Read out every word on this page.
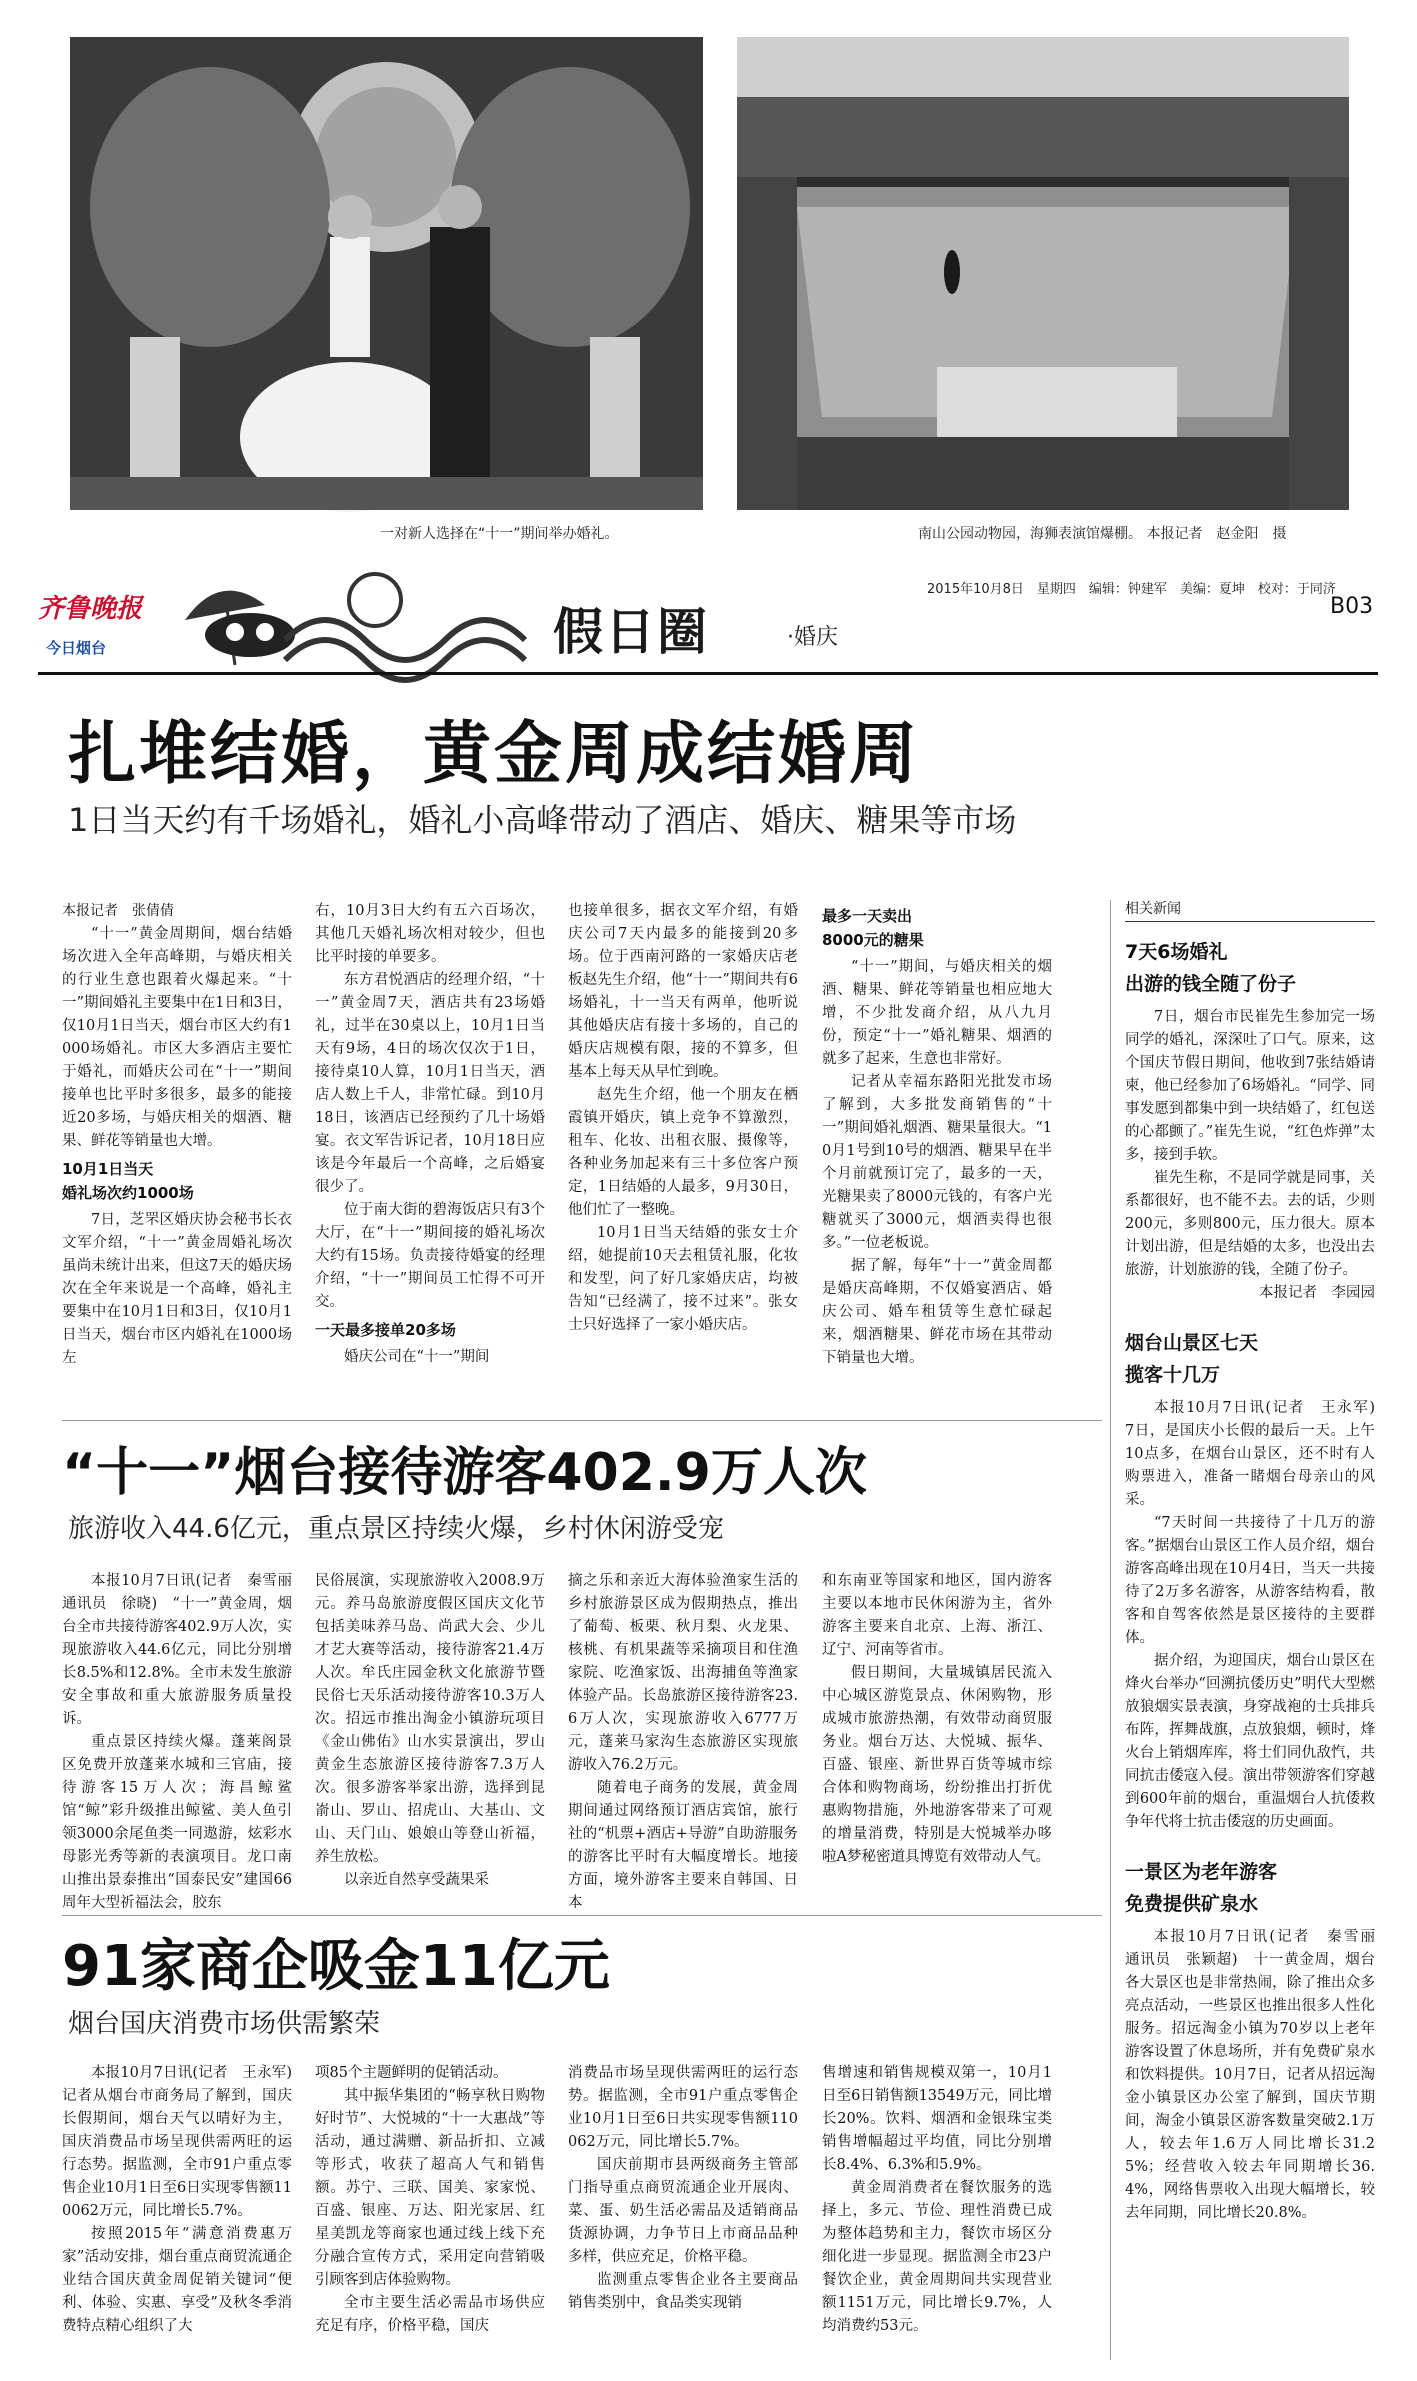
一对新人选择在“十一”期间举办婚礼。	南山公园动物园，海狮表演馆爆棚。 本报记者　赵金阳　摄
齐鲁晚报
今日烟台	假日圈	·婚庆
2015年10月8日　星期四　编辑：钟建军　美编：夏坤　校对：于同济
B03
扎堆结婚，黄金周成结婚周
1日当天约有千场婚礼，婚礼小高峰带动了酒店、婚庆、糖果等市场

本报记者　张倩倩

“十一”黄金周期间，烟台结婚场次进入全年高峰期，与婚庆相关的行业生意也跟着火爆起来。“十一”期间婚礼主要集中在1日和3日，仅10月1日当天，烟台市区大约有1000场婚礼。市区大多酒店主要忙于婚礼，而婚庆公司在“十一”期间接单也比平时多很多，最多的能接近20多场，与婚庆相关的烟酒、糖果、鲜花等销量也大增。

10月1日当天
婚礼场次约1000场

7日，芝罘区婚庆协会秘书长衣文军介绍，“十一”黄金周婚礼场次虽尚未统计出来，但这7天的婚庆场次在全年来说是一个高峰，婚礼主要集中在10月1日和3日，仅10月1日当天，烟台市区内婚礼在1000场左

右，10月3日大约有五六百场次，其他几天婚礼场次相对较少，但也比平时接的单要多。

东方君悦酒店的经理介绍，“十一”黄金周7天，酒店共有23场婚礼，过半在30桌以上，10月1日当天有9场，4日的场次仅次于1日，接待桌10人算，10月1日当天，酒店人数上千人，非常忙碌。到10月18日，该酒店已经预约了几十场婚宴。衣文军告诉记者，10月18日应该是今年最后一个高峰，之后婚宴很少了。

位于南大街的碧海饭店只有3个大厅，在“十一”期间接的婚礼场次大约有15场。负责接待婚宴的经理介绍，“十一”期间员工忙得不可开交。

一天最多接单20多场

婚庆公司在“十一”期间

也接单很多，据衣文军介绍，有婚庆公司7天内最多的能接到20多场。位于西南河路的一家婚庆店老板赵先生介绍，他“十一”期间共有6场婚礼，十一当天有两单，他听说其他婚庆店有接十多场的，自己的婚庆店规模有限，接的不算多，但基本上每天从早忙到晚。

赵先生介绍，他一个朋友在栖霞镇开婚庆，镇上竞争不算激烈，租车、化妆、出租衣服、摄像等，各种业务加起来有三十多位客户预定，1日结婚的人最多，9月30日，他们忙了一整晚。

10月1日当天结婚的张女士介绍，她提前10天去租赁礼服，化妆和发型，问了好几家婚庆店，均被告知“已经满了，接不过来”。张女士只好选择了一家小婚庆店。

最多一天卖出
8000元的糖果

“十一”期间，与婚庆相关的烟酒、糖果、鲜花等销量也相应地大增，不少批发商介绍，从八九月份，预定“十一”婚礼糖果、烟酒的就多了起来，生意也非常好。

记者从幸福东路阳光批发市场了解到，大多批发商销售的“十一”期间婚礼烟酒、糖果量很大。“10月1号到10号的烟酒、糖果早在半个月前就预订完了，最多的一天，光糖果卖了8000元钱的，有客户光糖就买了3000元，烟酒卖得也很多。”一位老板说。

据了解，每年“十一”黄金周都是婚庆高峰期，不仅婚宴酒店、婚庆公司、婚车租赁等生意忙碌起来，烟酒糖果、鲜花市场在其带动下销量也大增。

相关新闻

7天6场婚礼
出游的钱全随了份子

7日，烟台市民崔先生参加完一场同学的婚礼，深深吐了口气。原来，这个国庆节假日期间，他收到7张结婚请柬，他已经参加了6场婚礼。“同学、同事发愿到都集中到一块结婚了，红包送的心都颤了。”崔先生说，“红色炸弹”太多，接到手软。

崔先生称，不是同学就是同事，关系都很好，也不能不去。去的话，少则200元，多则800元，压力很大。原本计划出游，但是结婚的太多，也没出去旅游，计划旅游的钱，全随了份子。

本报记者　李园园

烟台山景区七天
揽客十几万

本报10月7日讯(记者　王永军)　7日，是国庆小长假的最后一天。上午10点多，在烟台山景区，还不时有人购票进入，准备一睹烟台母亲山的风采。

“7天时间一共接待了十几万的游客。”据烟台山景区工作人员介绍，烟台游客高峰出现在10月4日，当天一共接待了2万多名游客，从游客结构看，散客和自驾客依然是景区接待的主要群体。

据介绍，为迎国庆，烟台山景区在烽火台举办“回溯抗倭历史”明代大型燃放狼烟实景表演，身穿战袍的士兵排兵布阵，挥舞战旗，点放狼烟，顿时，烽火台上销烟库库，将士们同仇敌忾，共同抗击倭寇入侵。演出带领游客们穿越到600年前的烟台，重温烟台人抗倭救争年代将士抗击倭寇的历史画面。

一景区为老年游客
免费提供矿泉水

本报10月7日讯(记者　秦雪丽　通讯员　张颖超)　十一黄金周，烟台各大景区也是非常热闹，除了推出众多亮点活动，一些景区也推出很多人性化服务。招远淘金小镇为70岁以上老年游客设置了休息场所，并有免费矿泉水和饮料提供。10月7日，记者从招远淘金小镇景区办公室了解到，国庆节期间，淘金小镇景区游客数量突破2.1万人，较去年1.6万人同比增长31.25%；经营收入较去年同期增长36.4%，网络售票收入出现大幅增长，较去年同期，同比增长20.8%。

“十一”烟台接待游客402.9万人次
旅游收入44.6亿元，重点景区持续火爆，乡村休闲游受宠

本报10月7日讯(记者　秦雪丽　通讯员　徐晓)　“十一”黄金周，烟台全市共接待游客402.9万人次，实现旅游收入44.6亿元，同比分别增长8.5%和12.8%。全市未发生旅游安全事故和重大旅游服务质量投诉。

重点景区持续火爆。蓬莱阁景区免费开放蓬莱水城和三官庙，接待游客15万人次；海昌鲸鲨馆“鲸”彩升级推出鲸鲨、美人鱼引领3000余尾鱼类一同遨游，炫彩水母影光秀等新的表演项目。龙口南山推出景泰推出“国泰民安”建国66周年大型祈福法会，胶东

民俗展演，实现旅游收入2008.9万元。养马岛旅游度假区国庆文化节包括美味养马岛、尚武大会、少儿才艺大赛等活动，接待游客21.4万人次。牟氏庄园金秋文化旅游节暨民俗七天乐活动接待游客10.3万人次。招远市推出淘金小镇游玩项目《金山佛佑》山水实景演出，罗山黄金生态旅游区接待游客7.3万人次。很多游客举家出游，选择到昆嵛山、罗山、招虎山、大基山、文山、天门山、娘娘山等登山祈福，养生放松。

以亲近自然享受蔬果采

摘之乐和亲近大海体验渔家生活的乡村旅游景区成为假期热点，推出了葡萄、板栗、秋月梨、火龙果、核桃、有机果蔬等采摘项目和住渔家院、吃渔家饭、出海捕鱼等渔家体验产品。长岛旅游区接待游客23.6万人次，实现旅游收入6777万元，蓬莱马家沟生态旅游区实现旅游收入76.2万元。

随着电子商务的发展，黄金周期间通过网络预订酒店宾馆，旅行社的“机票+酒店+导游”自助游服务的游客比平时有大幅度增长。地接方面，境外游客主要来自韩国、日本

和东南亚等国家和地区，国内游客主要以本地市民休闲游为主，省外游客主要来自北京、上海、浙江、辽宁、河南等省市。

假日期间，大量城镇居民流入中心城区游览景点、休闲购物，形成城市旅游热潮，有效带动商贸服务业。烟台万达、大悦城、振华、百盛、银座、新世界百货等城市综合体和购物商场，纷纷推出打折优惠购物措施，外地游客带来了可观的增量消费，特别是大悦城举办哆啦A梦秘密道具博览有效带动人气。

91家商企吸金11亿元
烟台国庆消费市场供需繁荣

本报10月7日讯(记者　王永军)　记者从烟台市商务局了解到，国庆长假期间，烟台天气以晴好为主，国庆消费品市场呈现供需两旺的运行态势。据监测，全市91户重点零售企业10月1日至6日实现零售额110062万元，同比增长5.7%。

按照2015年“满意消费惠万家”活动安排，烟台重点商贸流通企业结合国庆黄金周促销关键词“便利、体验、实惠、享受”及秋冬季消费特点精心组织了大

项85个主题鲜明的促销活动。

其中振华集团的“畅享秋日购物好时节”、大悦城的“十一大惠战”等活动，通过满赠、新品折扣、立减等形式，收获了超高人气和销售额。苏宁、三联、国美、家家悦、百盛、银座、万达、阳光家居、红星美凯龙等商家也通过线上线下充分融合宣传方式，采用定向营销吸引顾客到店体验购物。

全市主要生活必需品市场供应充足有序，价格平稳，国庆

消费品市场呈现供需两旺的运行态势。据监测，全市91户重点零售企业10月1日至6日共实现零售额110062万元，同比增长5.7%。

国庆前期市县两级商务主管部门指导重点商贸流通企业开展肉、菜、蛋、奶生活必需品及适销商品货源协调，力争节日上市商品品种多样，供应充足，价格平稳。

监测重点零售企业各主要商品销售类别中，食品类实现销

售增速和销售规模双第一，10月1日至6日销售额13549万元，同比增长20%。饮料、烟酒和金银珠宝类销售增幅超过平均值，同比分别增长8.4%、6.3%和5.9%。

黄金周消费者在餐饮服务的选择上，多元、节俭、理性消费已成为整体趋势和主力，餐饮市场区分细化进一步显现。据监测全市23户餐饮企业，黄金周期间共实现营业额1151万元，同比增长9.7%，人均消费约53元。
